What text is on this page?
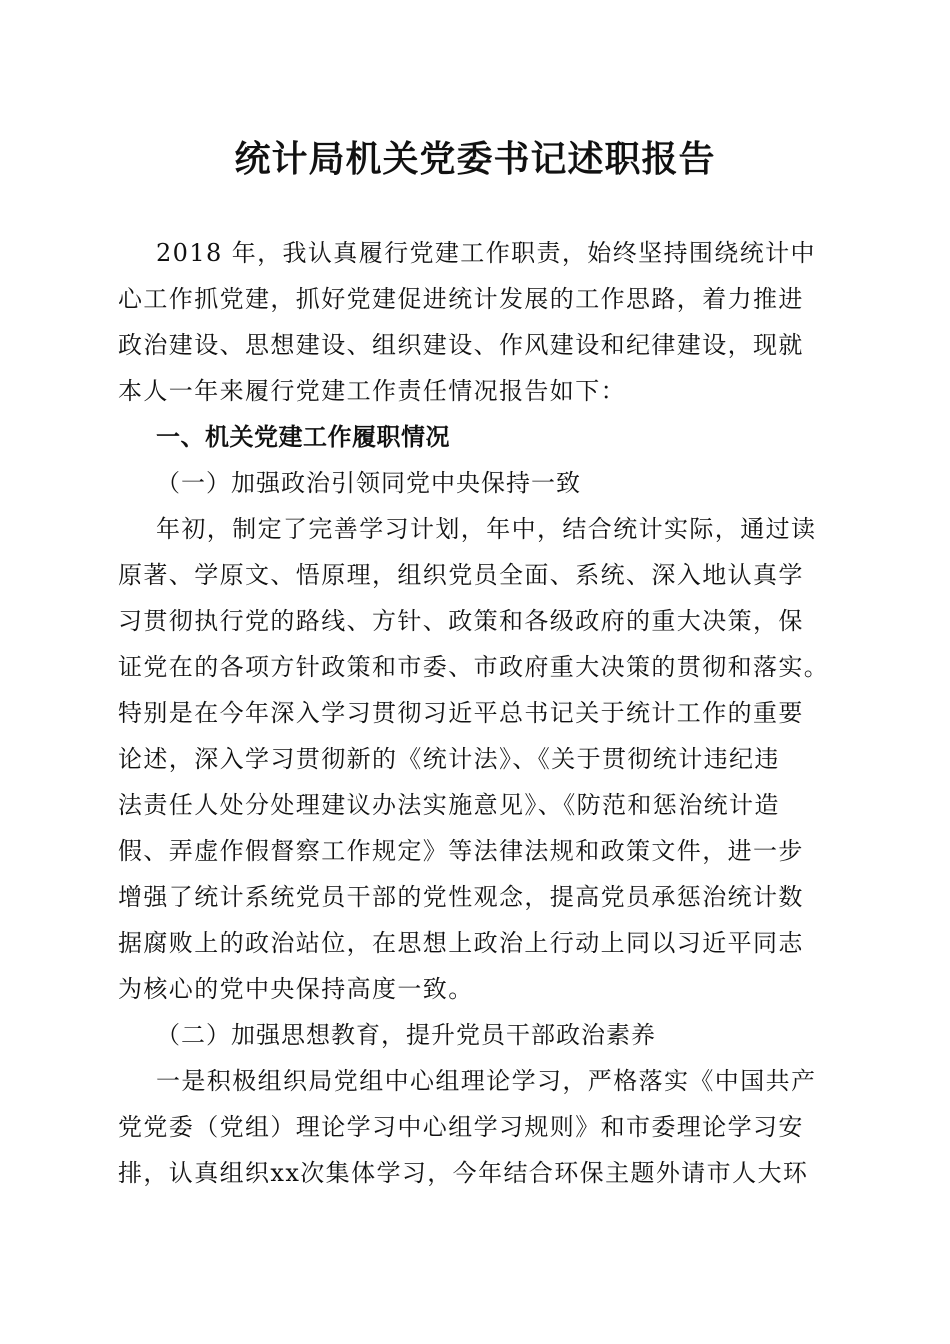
统计局机关党委书记述职报告
2018 年，我认真履行党建工作职责，始终坚持围绕统计中
心工作抓党建，抓好党建促进统计发展的工作思路，着力推进
政治建设、思想建设、组织建设、作风建设和纪律建设，现就
本人一年来履行党建工作责任情况报告如下：
一、机关党建工作履职情况
（一）加强政治引领同党中央保持一致
年初，制定了完善学习计划，年中，结合统计实际，通过读
原著、学原文、悟原理，组织党员全面、系统、深入地认真学
习贯彻执行党的路线、方针、政策和各级政府的重大决策，保
证党在的各项方针政策和市委、市政府重大决策的贯彻和落实。
特别是在今年深入学习贯彻习近平总书记关于统计工作的重要
论述，深入学习贯彻新的《统计法》、《关于贯彻统计违纪违
法责任人处分处理建议办法实施意见》、《防范和惩治统计造
假、弄虚作假督察工作规定》等法律法规和政策文件，进一步
增强了统计系统党员干部的党性观念，提高党员承惩治统计数
据腐败上的政治站位，在思想上政治上行动上同以习近平同志
为核心的党中央保持高度一致。
（二）加强思想教育，提升党员干部政治素养
一是积极组织局党组中心组理论学习，严格落实《中国共产
党党委（党组）理论学习中心组学习规则》和市委理论学习安
排，认真组织xx次集体学习，今年结合环保主题外请市人大环
